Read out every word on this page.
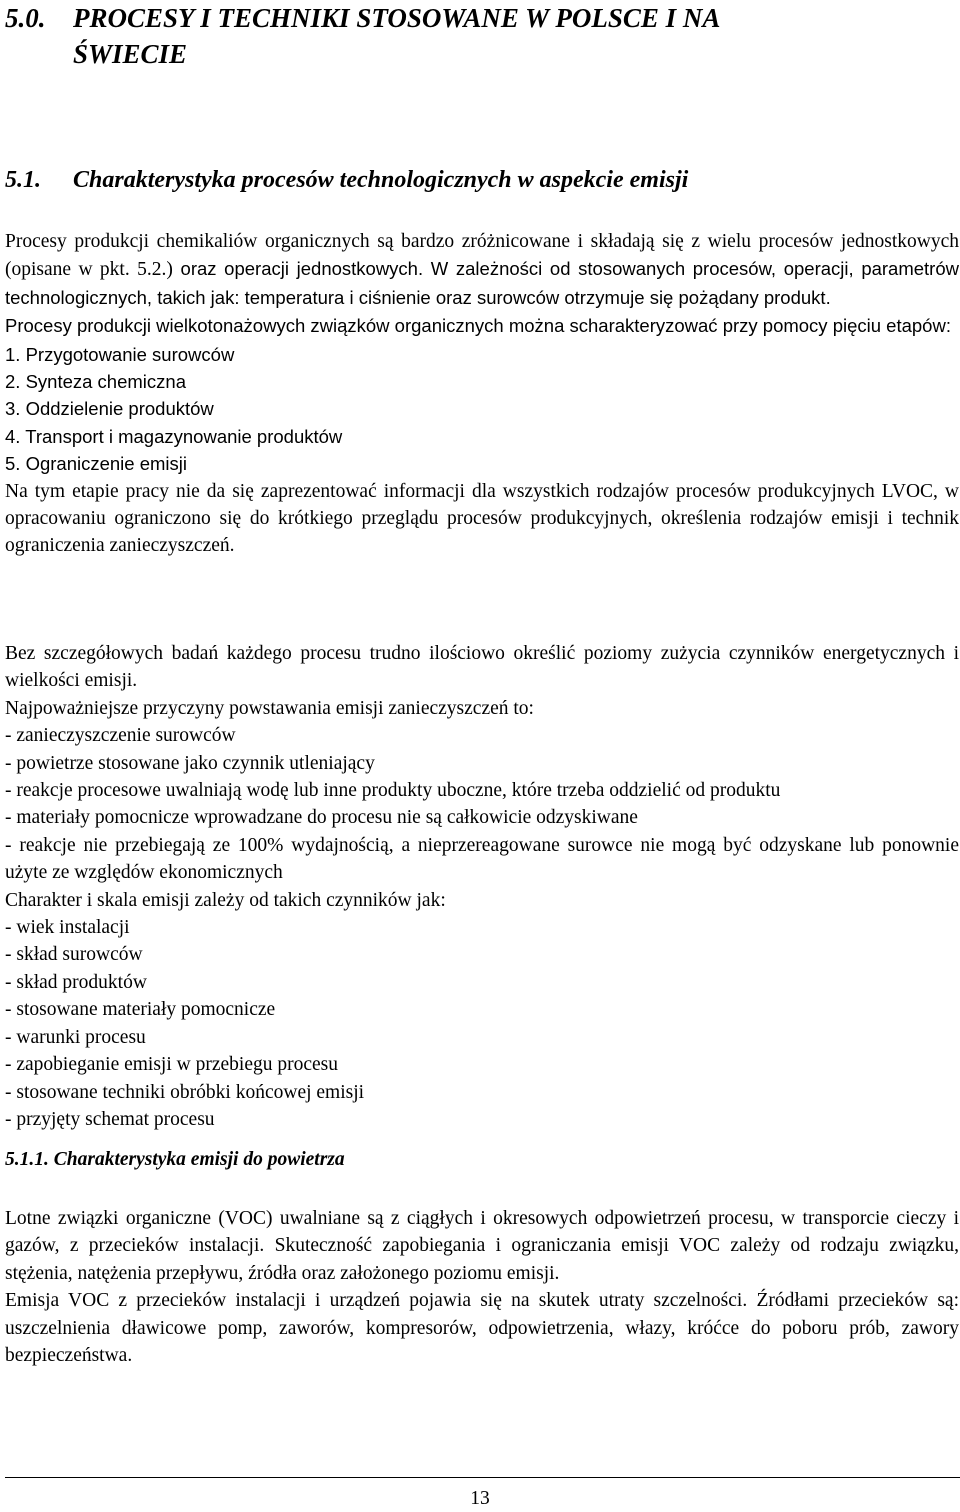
5.0. PROCESY I TECHNIKI STOSOWANE W POLSCE I NA
ŚWIECIE
5.1. Charakterystyka procesów technologicznych w aspekcie emisji

Procesy produkcji chemikaliów organicznych są bardzo zróżnicowane i składają się z wielu procesów jednostkowych (opisane w pkt. 5.2.) oraz operacji jednostkowych. W zależności od stosowanych procesów, operacji, parametrów technologicznych, takich jak: temperatura i ciśnienie oraz surowców otrzymuje się pożądany produkt.

Procesy produkcji wielkotonażowych związków organicznych można scharakteryzować przy pomocy pięciu etapów:

1. Przygotowanie surowców
2. Synteza chemiczna
3. Oddzielenie produktów
4. Transport i magazynowanie produktów
5. Ograniczenie emisji

Na tym etapie pracy nie da się zaprezentować informacji dla wszystkich rodzajów procesów produkcyjnych LVOC, w opracowaniu ograniczono się do krótkiego przeglądu procesów produkcyjnych, określenia rodzajów emisji i technik ograniczenia zanieczyszczeń.

Bez szczegółowych badań każdego procesu trudno ilościowo określić poziomy zużycia czynników energetycznych i wielkości emisji.

Najpoważniejsze przyczyny powstawania emisji zanieczyszczeń to:

- zanieczyszczenie surowców
- powietrze stosowane jako czynnik utleniający
- reakcje procesowe uwalniają wodę lub inne produkty uboczne, które trzeba oddzielić od produktu
- materiały pomocnicze wprowadzane do procesu nie są całkowicie odzyskiwane
- reakcje nie przebiegają ze 100% wydajnością, a nieprzereagowane surowce nie mogą być odzyskane lub ponownie użyte ze względów ekonomicznych

Charakter i skala emisji zależy od takich czynników jak:

- wiek instalacji
- skład surowców
- skład produktów
- stosowane materiały pomocnicze
- warunki procesu
- zapobieganie emisji w przebiegu procesu
- stosowane techniki obróbki końcowej emisji
- przyjęty schemat procesu
5.1.1. Charakterystyka emisji do powietrza

Lotne związki organiczne (VOC) uwalniane są z ciągłych i okresowych odpowietrzeń procesu, w transporcie cieczy i gazów, z przecieków instalacji. Skuteczność zapobiegania i ograniczania emisji VOC zależy od rodzaju związku, stężenia, natężenia przepływu, źródła oraz założonego poziomu emisji.

Emisja VOC z przecieków instalacji i urządzeń pojawia się na skutek utraty szczelności. Źródłami przecieków są: uszczelnienia dławicowe pomp, zaworów, kompresorów, odpowietrzenia, włazy, króćce do poboru prób, zawory bezpieczeństwa.

13
